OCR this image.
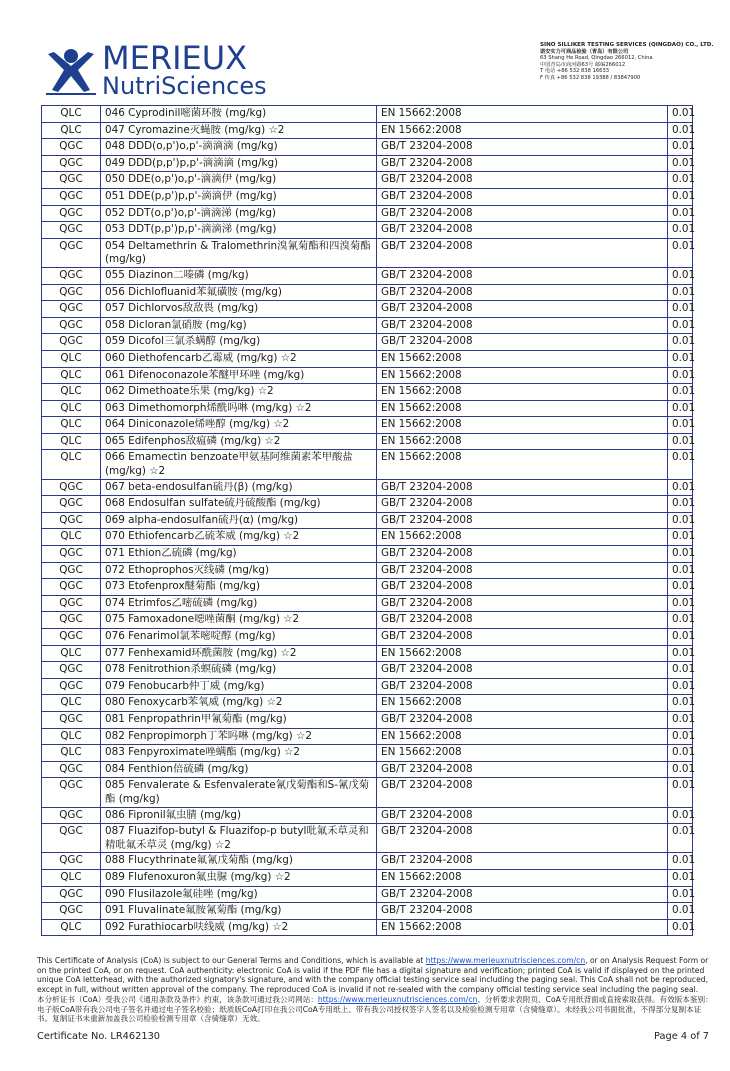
MERIEUX
NutriSciences
SINO SILLIKER TESTING SERVICES (QINGDAO) CO., LTD.
诺安实力可商品检验（青岛）有限公司
63 Shang He Road, Qingdao 266012, China
中国青岛市商河路63号 邮编266012
T 电话 +86 532 838 16633
F 传真 +86 532 838 19388 / 83847900
QLC	046 Cyprodinil嘧菌环胺 (mg/kg)	EN 15662:2008	0.01
QLC	047 Cyromazine灭蝇胺 (mg/kg) ☆2	EN 15662:2008	0.01
QGC	048 DDD(o,p')o,p'-滴滴滴 (mg/kg)	GB/T 23204-2008	0.01
QGC	049 DDD(p,p')p,p'-滴滴滴 (mg/kg)	GB/T 23204-2008	0.01
QGC	050 DDE(o,p')o,p'-滴滴伊 (mg/kg)	GB/T 23204-2008	0.01
QGC	051 DDE(p,p')p,p'-滴滴伊 (mg/kg)	GB/T 23204-2008	0.01
QGC	052 DDT(o,p')o,p'-滴滴涕 (mg/kg)	GB/T 23204-2008	0.01
QGC	053 DDT(p,p')p,p'-滴滴涕 (mg/kg)	GB/T 23204-2008	0.01
QGC	054 Deltamethrin & Tralomethrin溴氰菊酯和四溴菊酯 (mg/kg)	GB/T 23204-2008	0.01
QGC	055 Diazinon二嗪磷 (mg/kg)	GB/T 23204-2008	0.01
QGC	056 Dichlofluanid苯氟磺胺 (mg/kg)	GB/T 23204-2008	0.01
QGC	057 Dichlorvos敌敌畏 (mg/kg)	GB/T 23204-2008	0.01
QGC	058 Dicloran氯硝胺 (mg/kg)	GB/T 23204-2008	0.01
QGC	059 Dicofol三氯杀螨醇 (mg/kg)	GB/T 23204-2008	0.01
QLC	060 Diethofencarb乙霉威 (mg/kg) ☆2	EN 15662:2008	0.01
QLC	061 Difenoconazole苯醚甲环唑 (mg/kg)	EN 15662:2008	0.01
QLC	062 Dimethoate乐果 (mg/kg) ☆2	EN 15662:2008	0.01
QLC	063 Dimethomorph烯酰吗啉 (mg/kg) ☆2	EN 15662:2008	0.01
QLC	064 Diniconazole烯唑醇 (mg/kg) ☆2	EN 15662:2008	0.01
QLC	065 Edifenphos敌瘟磷 (mg/kg) ☆2	EN 15662:2008	0.01
QLC	066 Emamectin benzoate甲氨基阿维菌素苯甲酸盐 (mg/kg) ☆2	EN 15662:2008	0.01
QGC	067 beta-endosulfan硫丹(β) (mg/kg)	GB/T 23204-2008	0.01
QGC	068 Endosulfan sulfate硫丹硫酸酯 (mg/kg)	GB/T 23204-2008	0.01
QGC	069 alpha-endosulfan硫丹(α) (mg/kg)	GB/T 23204-2008	0.01
QLC	070 Ethiofencarb乙硫苯威 (mg/kg) ☆2	EN 15662:2008	0.01
QGC	071 Ethion乙硫磷 (mg/kg)	GB/T 23204-2008	0.01
QGC	072 Ethoprophos灭线磷 (mg/kg)	GB/T 23204-2008	0.01
QGC	073 Etofenprox醚菊酯 (mg/kg)	GB/T 23204-2008	0.01
QGC	074 Etrimfos乙嘧硫磷 (mg/kg)	GB/T 23204-2008	0.01
QGC	075 Famoxadone噁唑菌酮 (mg/kg) ☆2	GB/T 23204-2008	0.01
QGC	076 Fenarimol氯苯嘧啶醇 (mg/kg)	GB/T 23204-2008	0.01
QLC	077 Fenhexamid环酰菌胺 (mg/kg) ☆2	EN 15662:2008	0.01
QGC	078 Fenitrothion杀螟硫磷 (mg/kg)	GB/T 23204-2008	0.01
QGC	079 Fenobucarb仲丁威 (mg/kg)	GB/T 23204-2008	0.01
QLC	080 Fenoxycarb苯氧威 (mg/kg) ☆2	EN 15662:2008	0.01
QGC	081 Fenpropathrin甲氰菊酯 (mg/kg)	GB/T 23204-2008	0.01
QLC	082 Fenpropimorph丁苯吗啉 (mg/kg) ☆2	EN 15662:2008	0.01
QLC	083 Fenpyroximate唑螨酯 (mg/kg) ☆2	EN 15662:2008	0.01
QGC	084 Fenthion倍硫磷 (mg/kg)	GB/T 23204-2008	0.01
QGC	085 Fenvalerate & Esfenvalerate氰戊菊酯和S-氰戊菊酯 (mg/kg)	GB/T 23204-2008	0.01
QGC	086 Fipronil氟虫腈 (mg/kg)	GB/T 23204-2008	0.01
QGC	087 Fluazifop-butyl & Fluazifop-p butyl吡氟禾草灵和精吡氟禾草灵 (mg/kg) ☆2	GB/T 23204-2008	0.01
QGC	088 Flucythrinate氟氰戊菊酯 (mg/kg)	GB/T 23204-2008	0.01
QLC	089 Flufenoxuron氟虫脲 (mg/kg) ☆2	EN 15662:2008	0.01
QGC	090 Flusilazole氟硅唑 (mg/kg)	GB/T 23204-2008	0.01
QGC	091 Fluvalinate氟胺氰菊酯 (mg/kg)	GB/T 23204-2008	0.01
QLC	092 Furathiocarb呋线威 (mg/kg) ☆2	EN 15662:2008	0.01
This Certificate of Analysis (CoA) is subject to our General Terms and Conditions, which is available at https://www.merieuxnutrisciences.com/cn, or on Analysis Request Form or on the printed CoA, or on request. CoA authenticity: electronic CoA is valid if the PDF file has a digital signature and verification; printed CoA is valid if displayed on the printed unique CoA letterhead, with the authorized signatory's signature, and with the company official testing service seal including the paging seal. This CoA shall not be reproduced, except in full, without written approval of the company. The reproduced CoA is invalid if not re-sealed with the company official testing service seal including the paging seal.
本分析证书（CoA）受我公司《通用条款及条件》约束，该条款可通过我公司网站：https://www.merieuxnutrisciences.com/cn、分析要求表附页、CoA专用纸背面或直接索取获得。有效版本鉴别：电子版CoA带有我公司电子签名并通过电子签名校验；纸质版CoA打印在我公司CoA专用纸上、带有我公司授权签字人签名以及检验检测专用章（含骑缝章）。未经我公司书面批准，不得部分复制本证书。复制证书未重新加盖我公司检验检测专用章（含骑缝章）无效。
Certificate No. LR462130	Page 4 of 7
